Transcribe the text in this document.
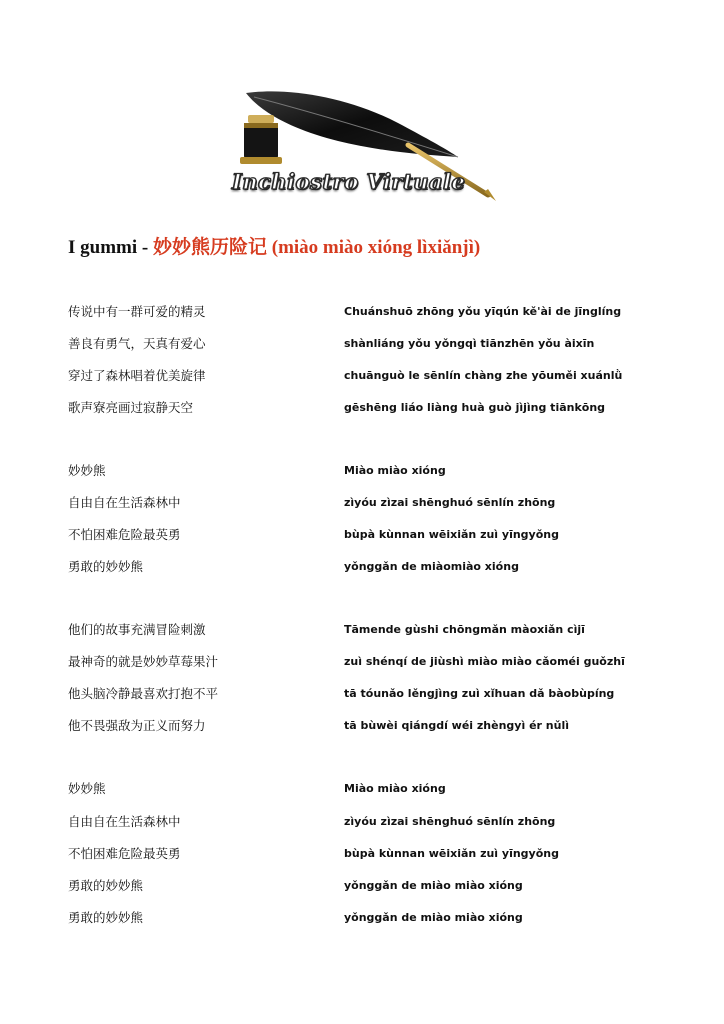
Inchiostro Virtuale
I gummi - 妙妙熊历险记 (miào miào xióng lìxiǎnjì)
传说中有一群可爱的精灵	Chuánshuō zhōng yǒu yīqún kě'ài de jīnglíng
善良有勇气，天真有爱心	shànliáng yǒu yǒngqì tiānzhēn yǒu àixīn
穿过了森林唱着优美旋律	chuānguò le sēnlín chàng zhe yōuměi xuánlǜ
歌声寮亮画过寂静天空	gēshēng liáo liàng huà guò jìjìng tiānkōng
妙妙熊	Miào miào xióng
自由自在生活森林中	zìyóu zìzai shēnghuó sēnlín zhōng
不怕困难危险最英勇	bùpà kùnnan wēixiǎn zuì yīngyǒng
勇敢的妙妙熊	yǒnggǎn de miàomiào xióng
他们的故事充满冒险刺激	Tāmende gùshi chōngmǎn màoxiǎn cìjī
最神奇的就是妙妙草莓果汁	zuì shénqí de jiùshì miào miào cǎoméi guǒzhī
他头脑冷静最喜欢打抱不平	tā tóunǎo lěngjìng zuì xǐhuan dǎ bàobùpíng
他不畏强敌为正义而努力	tā bùwèi qiángdí wéi zhèngyì ér nǔlì
妙妙熊	Miào miào xióng
自由自在生活森林中	zìyóu zìzai shēnghuó sēnlín zhōng
不怕困难危险最英勇	bùpà kùnnan wēixiǎn zuì yīngyǒng
勇敢的妙妙熊	yǒnggǎn de miào miào xióng
勇敢的妙妙熊	yǒnggǎn de miào miào xióng
